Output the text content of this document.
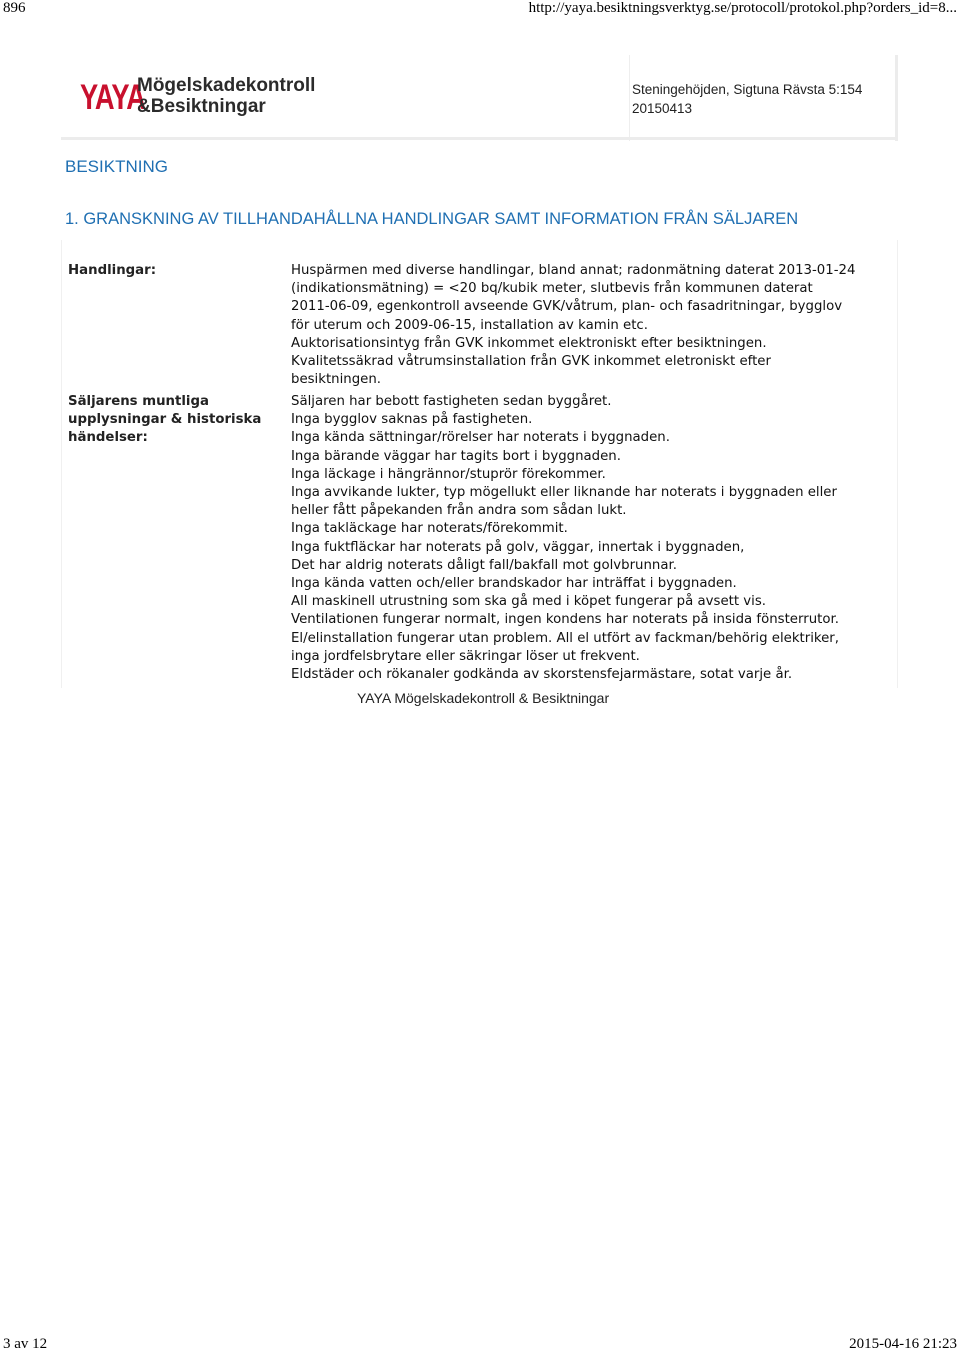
896	http://yaya.besiktningsverktyg.se/protocoll/protokol.php?orders_id=8...
YAYA
Mögelskadekontroll
&Besiktningar
Steningehöjden, Sigtuna Rävsta 5:154
20150413
BESIKTNING
1. GRANSKNING AV TILLHANDAHÅLLNA HANDLINGAR SAMT INFORMATION FRÅN SÄLJAREN
Handlingar:	Huspärmen med diverse handlingar, bland annat; radonmätning daterat 2013-01-24
(indikationsmätning) = <20 bq/kubik meter, slutbevis från kommunen daterat
2011-06-09, egenkontroll avseende GVK/våtrum, plan- och fasadritningar, bygglov
för uterum och 2009-06-15, installation av kamin etc.
Auktorisationsintyg från GVK inkommet elektroniskt efter besiktningen.
Kvalitetssäkrad våtrumsinstallation från GVK inkommet eletroniskt efter
besiktningen.
Säljarens muntliga upplysningar & historiska händelser:
Säljaren har bebott fastigheten sedan byggåret.
Inga bygglov saknas på fastigheten.
Inga kända sättningar/rörelser har noterats i byggnaden.
Inga bärande väggar har tagits bort i byggnaden.
Inga läckage i hängrännor/stuprör förekommer.
Inga avvikande lukter, typ mögellukt eller liknande har noterats i byggnaden eller
heller fått påpekanden från andra som sådan lukt.
Inga takläckage har noterats/förekommit.
Inga fuktfläckar har noterats på golv, väggar, innertak i byggnaden,
Det har aldrig noterats dåligt fall/bakfall mot golvbrunnar.
Inga kända vatten och/eller brandskador har inträffat i byggnaden.
All maskinell utrustning som ska gå med i köpet fungerar på avsett vis.
Ventilationen fungerar normalt, ingen kondens har noterats på insida fönsterrutor.
El/elinstallation fungerar utan problem. All el utfört av fackman/behörig elektriker,
inga jordfelsbrytare eller säkringar löser ut frekvent.
Eldstäder och rökanaler godkända av skorstensfejarmästare, sotat varje år.
YAYA Mögelskadekontroll & Besiktningar
3 av 12	2015-04-16 21:23
